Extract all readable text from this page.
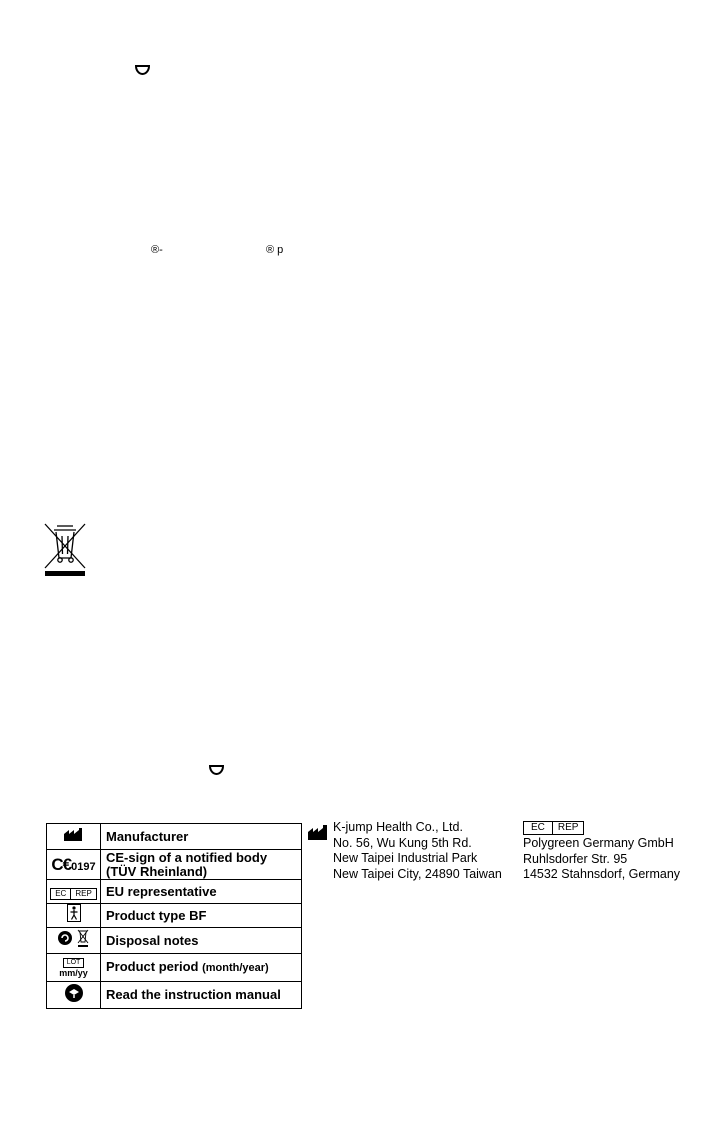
®-	® p
	Manufacturer
C€0197	CE-sign of a notified body
(TÜV Rheinland)

EC REP	EU representative
	Product type BF
	Disposal notes
LOT
mm/yy	Product period (month/year)
	Read the instruction manual
K-jump Health Co., Ltd.
No. 56, Wu Kung 5th Rd.
New Taipei Industrial Park
New Taipei City, 24890 Taiwan
EC	REP
Polygreen Germany GmbH
Ruhlsdorfer Str. 95
14532 Stahnsdorf, Germany
